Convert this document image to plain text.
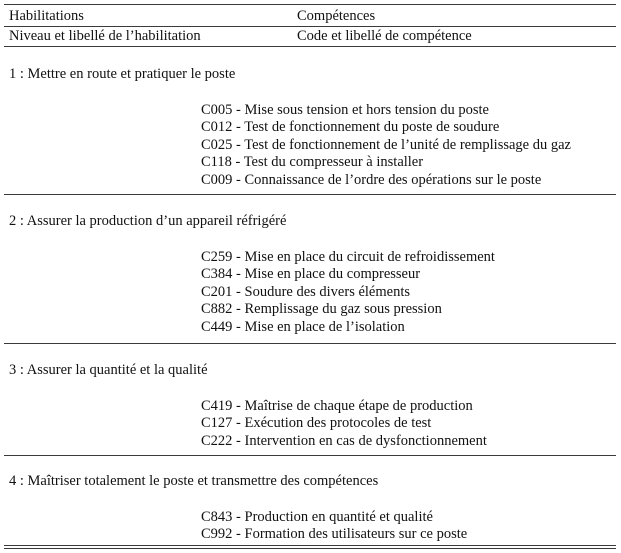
Habilitations	Compétences
Niveau et libellé de l’habilitation	Code et libellé de compétence
1 : Mettre en route et pratiquer le poste
C005 - Mise sous tension et hors tension du poste
C012 - Test de fonctionnement du poste de soudure
C025 - Test de fonctionnement de l’unité de remplissage du gaz
C118 - Test du compresseur à installer
C009 - Connaissance de l’ordre des opérations sur le poste
2 : Assurer la production d’un appareil réfrigéré
C259 - Mise en place du circuit de refroidissement
C384 - Mise en place du compresseur
C201 - Soudure des divers éléments
C882 - Remplissage du gaz sous pression
C449 - Mise en place de l’isolation
3 : Assurer la quantité et la qualité
C419 - Maîtrise de chaque étape de production
C127 - Exécution des protocoles de test
C222 - Intervention en cas de dysfonctionnement
4 : Maîtriser totalement le poste et transmettre des compétences
C843 - Production en quantité et qualité
C992 - Formation des utilisateurs sur ce poste
